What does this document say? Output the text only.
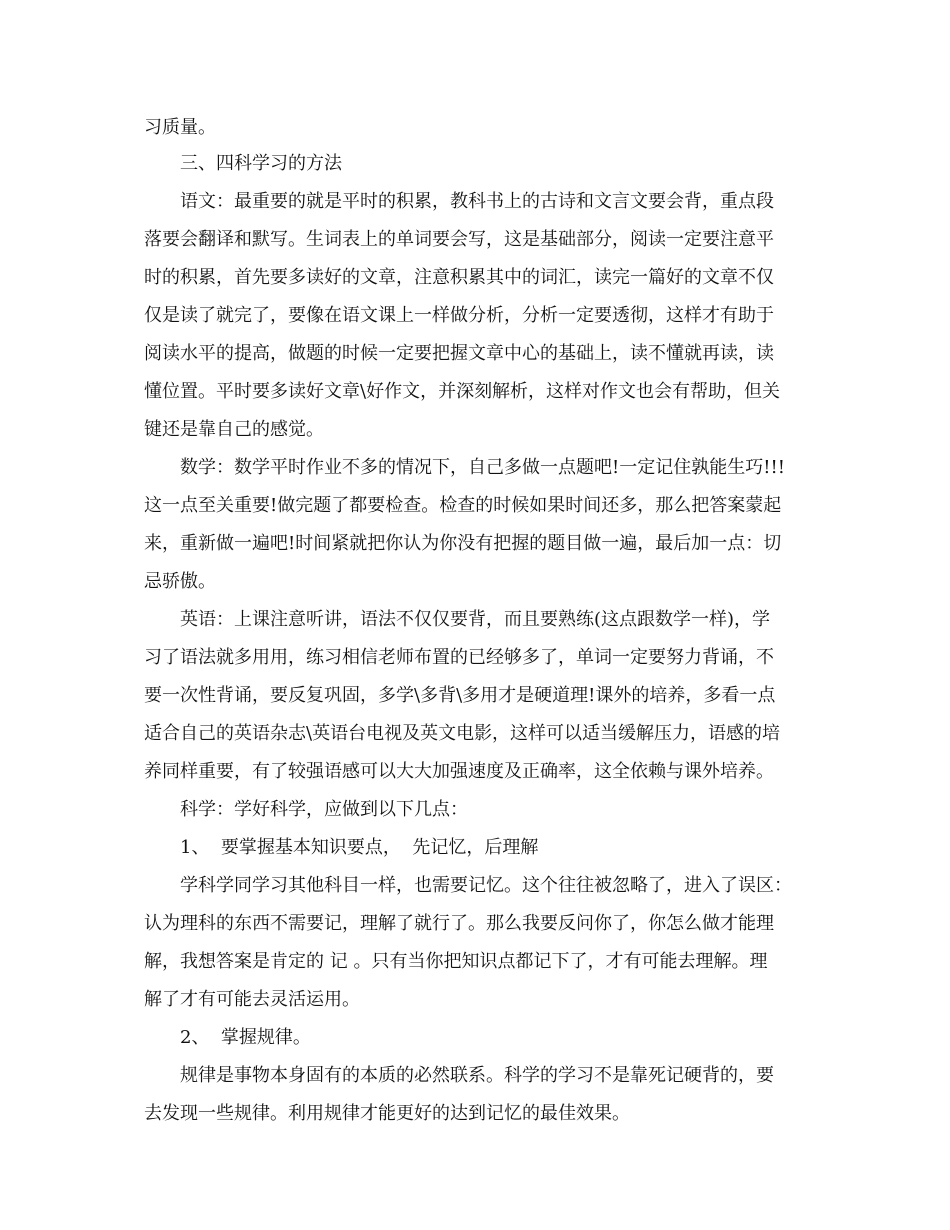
习质量。
三、四科学习的方法
语文：最重要的就是平时的积累，教科书上的古诗和文言文要会背，重点段
落要会翻译和默写。生词表上的单词要会写，这是基础部分，阅读一定要注意平
时的积累，首先要多读好的文章，注意积累其中的词汇，读完一篇好的文章不仅
仅是读了就完了，要像在语文课上一样做分析，分析一定要透彻，这样才有助于
阅读水平的提高，做题的时候一定要把握文章中心的基础上，读不懂就再读，读
懂位置。平时要多读好文章\好作文，并深刻解析，这样对作文也会有帮助，但关
键还是靠自己的感觉。
数学：数学平时作业不多的情况下，自己多做一点题吧!一定记住孰能生巧!!!
这一点至关重要!做完题了都要检查。检查的时候如果时间还多，那么把答案蒙起
来，重新做一遍吧!时间紧就把你认为你没有把握的题目做一遍，最后加一点：切
忌骄傲。
英语：上课注意听讲，语法不仅仅要背，而且要熟练(这点跟数学一样)，学
习了语法就多用用，练习相信老师布置的已经够多了，单词一定要努力背诵，不
要一次性背诵，要反复巩固，多学\多背\多用才是硬道理!课外的培养，多看一点
适合自己的英语杂志\英语台电视及英文电影，这样可以适当缓解压力，语感的培
养同样重要，有了较强语感可以大大加强速度及正确率，这全依赖与课外培养。
科学：学好科学，应做到以下几点：
1、  要掌握基本知识要点，  先记忆，后理解
学科学同学习其他科目一样，也需要记忆。这个往往被忽略了，进入了误区：
认为理科的东西不需要记，理解了就行了。那么我要反问你了，你怎么做才能理
解，我想答案是肯定的 记 。只有当你把知识点都记下了，才有可能去理解。理
解了才有可能去灵活运用。
2、  掌握规律。
规律是事物本身固有的本质的必然联系。科学的学习不是靠死记硬背的，要
去发现一些规律。利用规律才能更好的达到记忆的最佳效果。
